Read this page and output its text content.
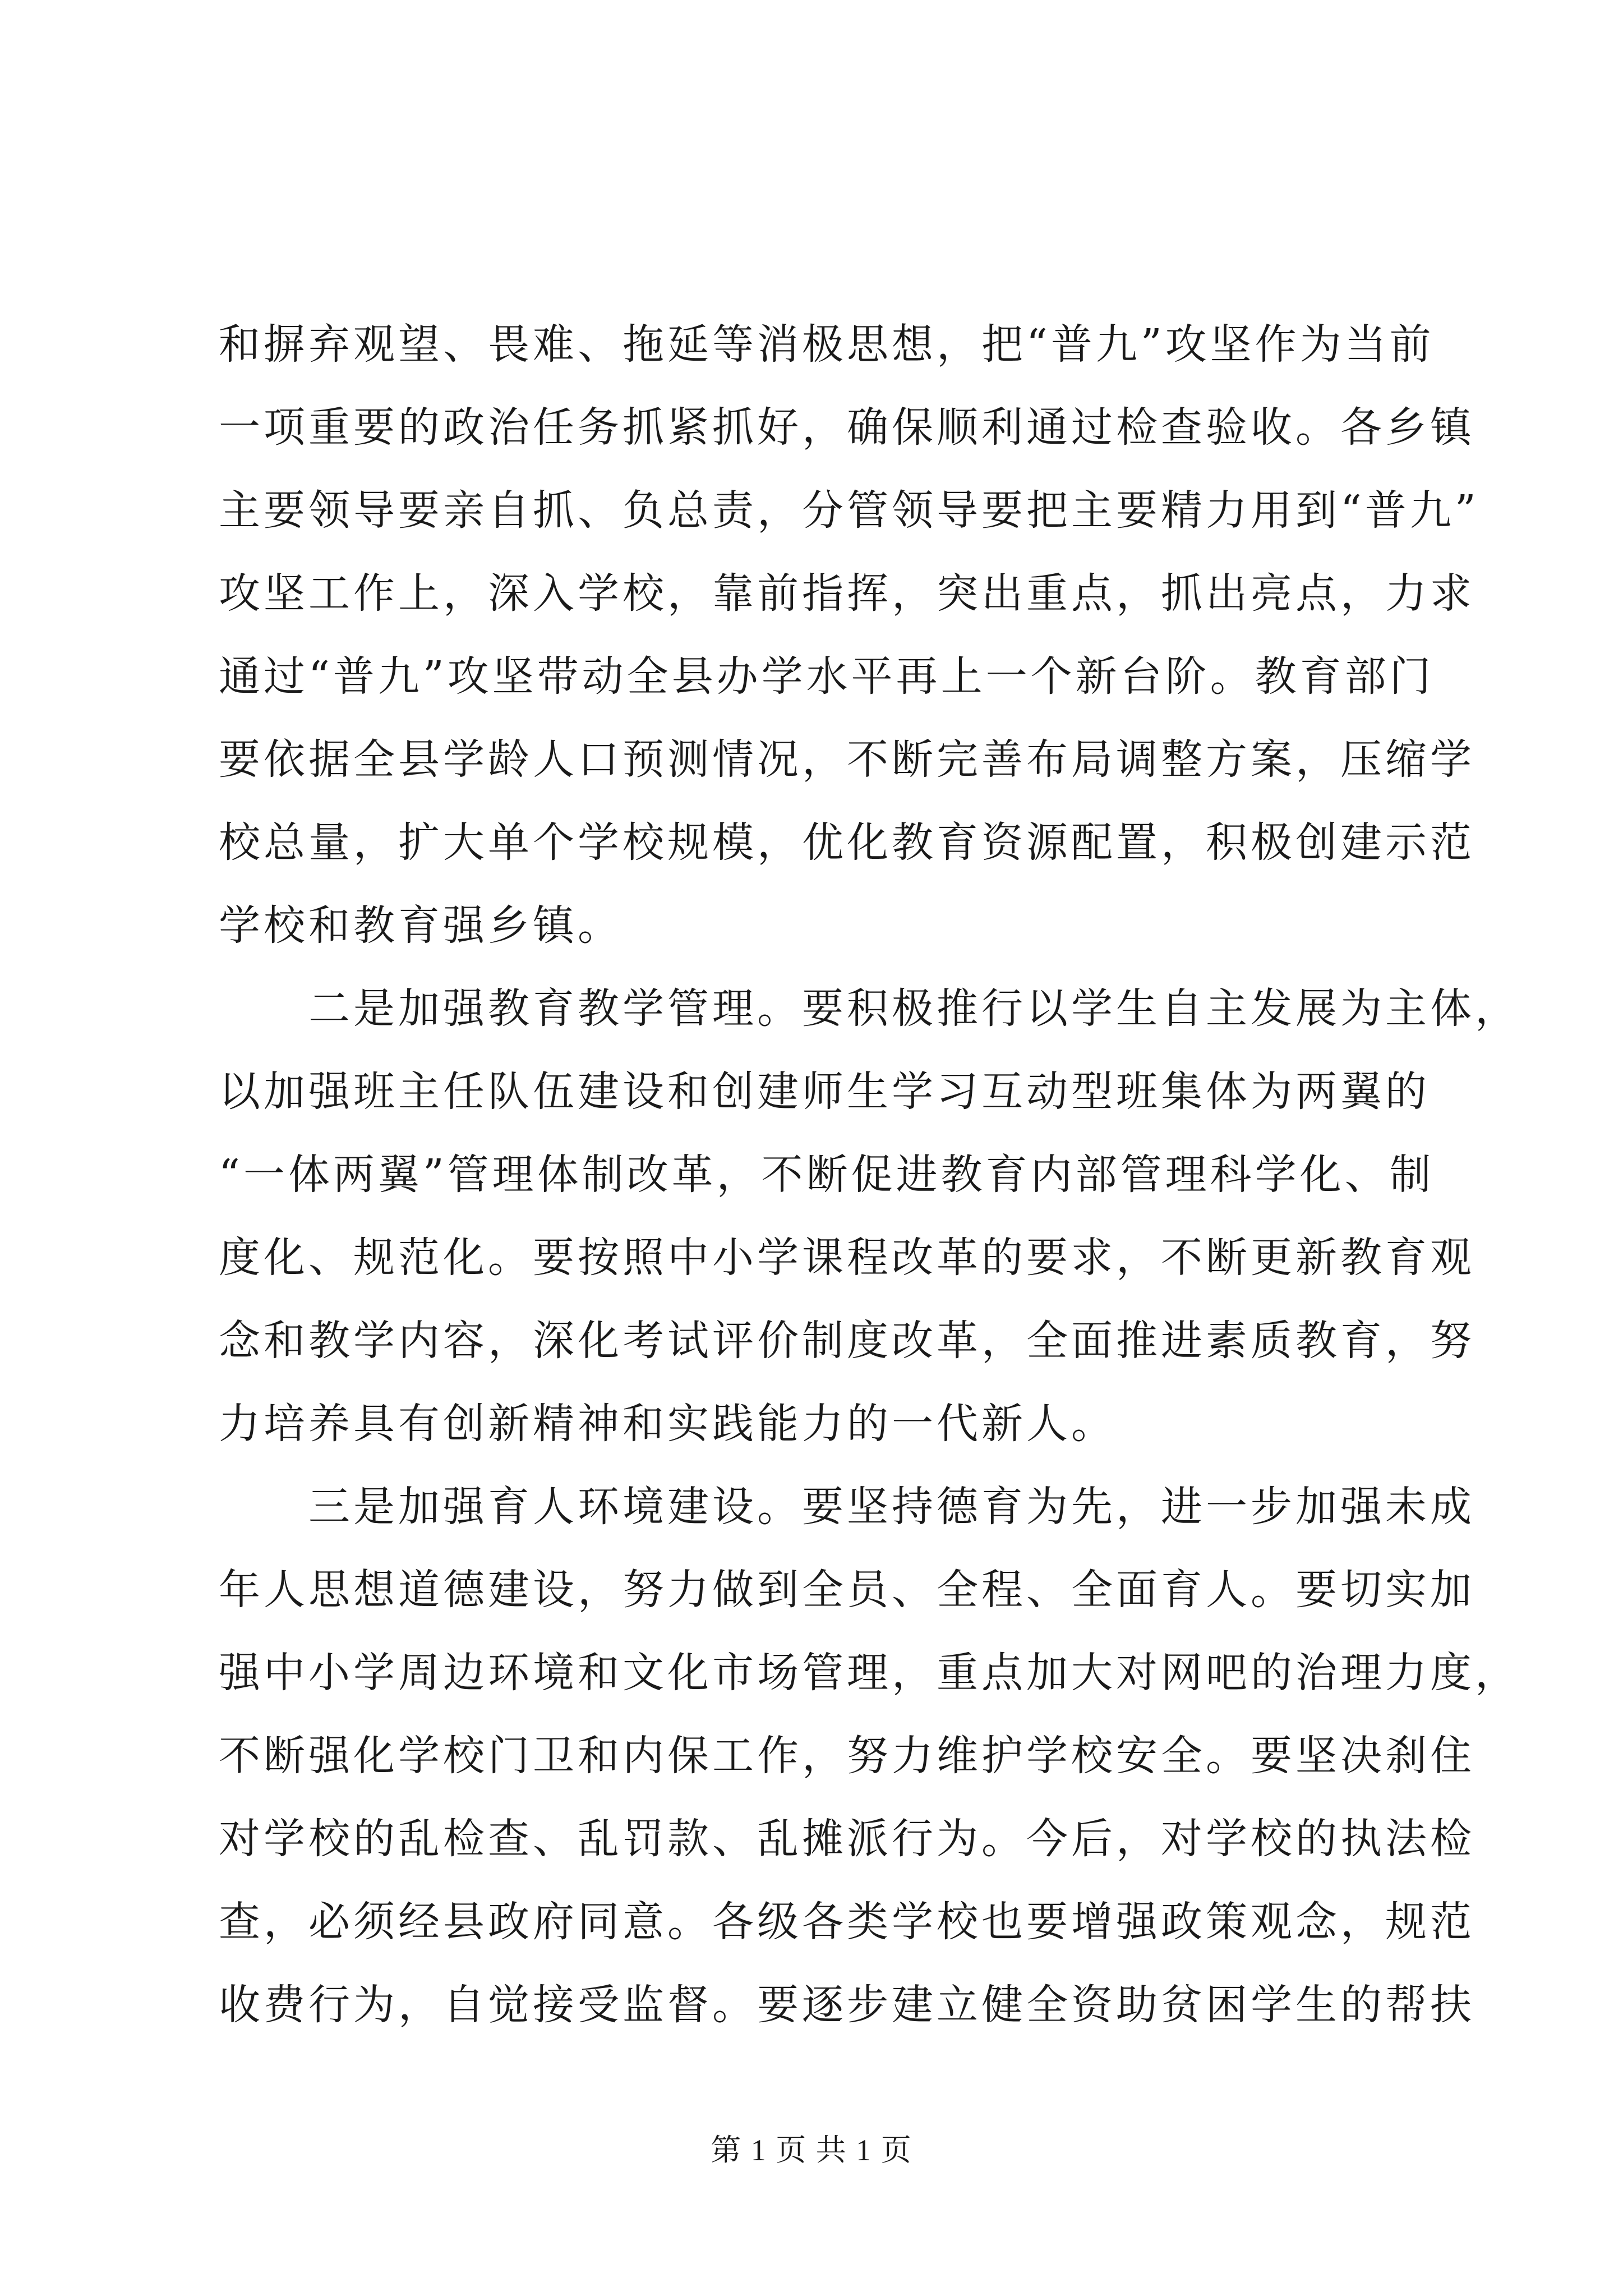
和摒弃观望、畏难、拖延等消极思想，把“普九”攻坚作为当前
一项重要的政治任务抓紧抓好，确保顺利通过检查验收。各乡镇
主要领导要亲自抓、负总责，分管领导要把主要精力用到“普九”
攻坚工作上，深入学校，靠前指挥，突出重点，抓出亮点，力求
通过“普九”攻坚带动全县办学水平再上一个新台阶。教育部门
要依据全县学龄人口预测情况，不断完善布局调整方案，压缩学
校总量，扩大单个学校规模，优化教育资源配置，积极创建示范
学校和教育强乡镇。
二是加强教育教学管理。要积极推行以学生自主发展为主体，
以加强班主任队伍建设和创建师生学习互动型班集体为两翼的
“一体两翼”管理体制改革，不断促进教育内部管理科学化、制
度化、规范化。要按照中小学课程改革的要求，不断更新教育观
念和教学内容，深化考试评价制度改革，全面推进素质教育，努
力培养具有创新精神和实践能力的一代新人。
三是加强育人环境建设。要坚持德育为先，进一步加强未成
年人思想道德建设，努力做到全员、全程、全面育人。要切实加
强中小学周边环境和文化市场管理，重点加大对网吧的治理力度，
不断强化学校门卫和内保工作，努力维护学校安全。要坚决刹住
对学校的乱检查、乱罚款、乱摊派行为。今后，对学校的执法检
查，必须经县政府同意。各级各类学校也要增强政策观念，规范
收费行为，自觉接受监督。要逐步建立健全资助贫困学生的帮扶
第 1 页 共 1 页
